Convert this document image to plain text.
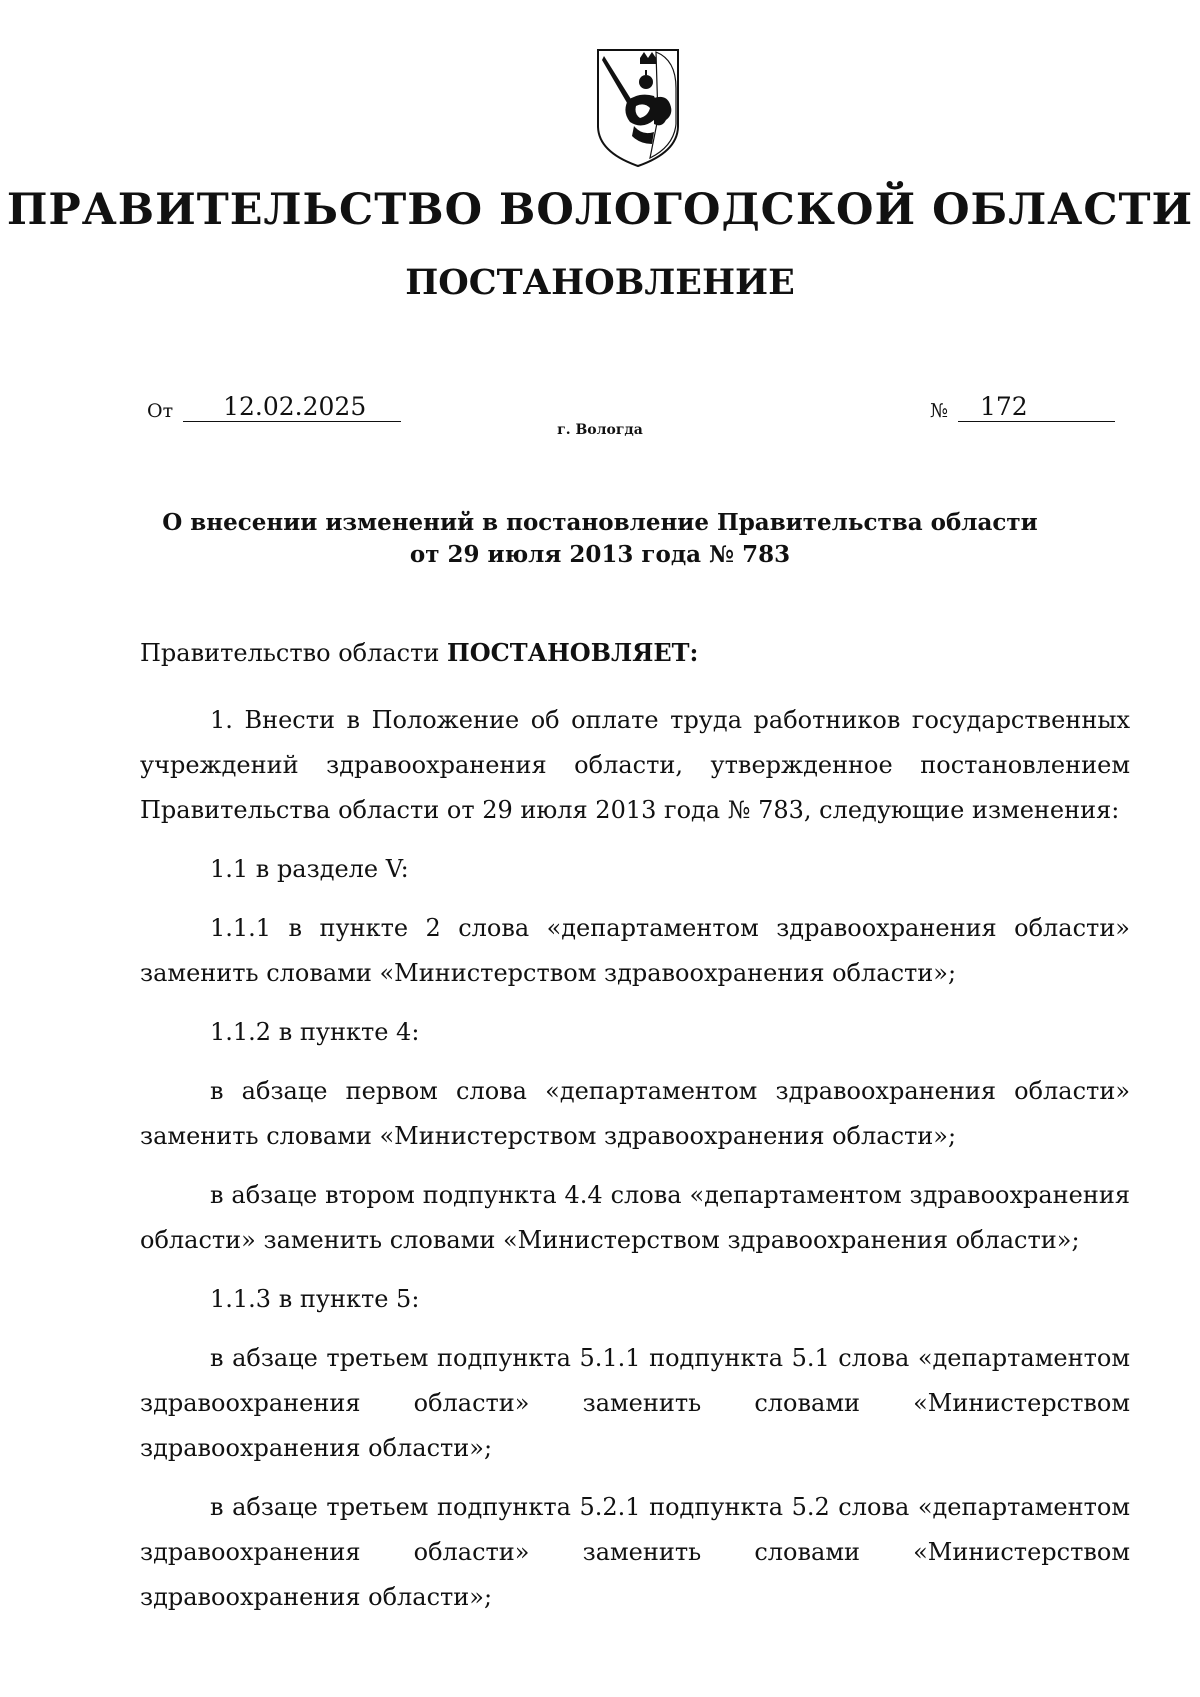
ПРАВИТЕЛЬСТВО ВОЛОГОДСКОЙ ОБЛАСТИ
ПОСТАНОВЛЕНИЕ
От	12.02.2025	№	172
г. Вологда
О внесении изменений в постановление Правительства области
от 29 июля 2013 года № 783

Правительство области ПОСТАНОВЛЯЕТ:

1. Внести в Положение об оплате труда работников государственных учреждений здравоохранения области, утвержденное постановлением Правительства области от 29 июля 2013 года № 783, следующие изменения:

1.1 в разделе V:

1.1.1 в пункте 2 слова «департаментом здравоохранения области» заменить словами «Министерством здравоохранения области»;

1.1.2 в пункте 4:

в абзаце первом слова «департаментом здравоохранения области» заменить словами «Министерством здравоохранения области»;

в абзаце втором подпункта 4.4 слова «департаментом здравоохранения области» заменить словами «Министерством здравоохранения области»;

1.1.3 в пункте 5:

в абзаце третьем подпункта 5.1.1 подпункта 5.1 слова «департаментом здравоохранения области» заменить словами «Министерством здравоохранения области»;

в абзаце третьем подпункта 5.2.1 подпункта 5.2 слова «департаментом здравоохранения области» заменить словами «Министерством здравоохранения области»;
